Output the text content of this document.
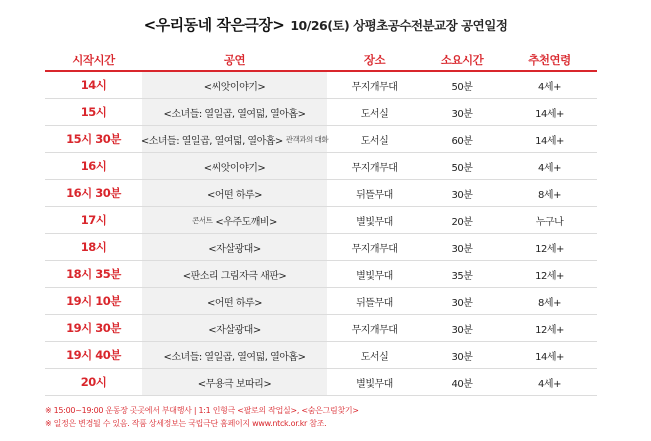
<우리동네 작은극장> 10/26(토) 상평초공수전분교장 공연일정
시작시간	공연	장소	소요시간	추천연령
14시	<씨앗이야기>	무지개무대	50분	4세+
15시	<소녀들: 열일곱, 열여덟, 열아홉>	도서실	30분	14세+
15시 30분	<소녀들: 열일곱, 열여덟, 열아홉> 관객과의 대화	도서실	60분	14세+
16시	<씨앗이야기>	무지개무대	50분	4세+
16시 30분	<어떤 하루>	뒤뜰무대	30분	8세+
17시	콘서트 <우주도깨비>	별빛무대	20분	누구나
18시	<자살광대>	무지개무대	30분	12세+
18시 35분	<판소리 그림자극 새판>	별빛무대	35분	12세+
19시 10분	<어떤 하루>	뒤뜰무대	30분	8세+
19시 30분	<자살광대>	무지개무대	30분	12세+
19시 40분	<소녀들: 열일곱, 열여덟, 열아홉>	도서실	30분	14세+
20시	<무용극 보따리>	별빛무대	40분	4세+
※ 15:00~19:00 운동장 곳곳에서 부대행사 | 1:1 인형극 <팔로의 작업실>, <숨은그림찾기>
※ 일정은 변경될 수 있음. 작품 상세정보는 국립극단 홈페이지 www.ntck.or.kr 참조.
